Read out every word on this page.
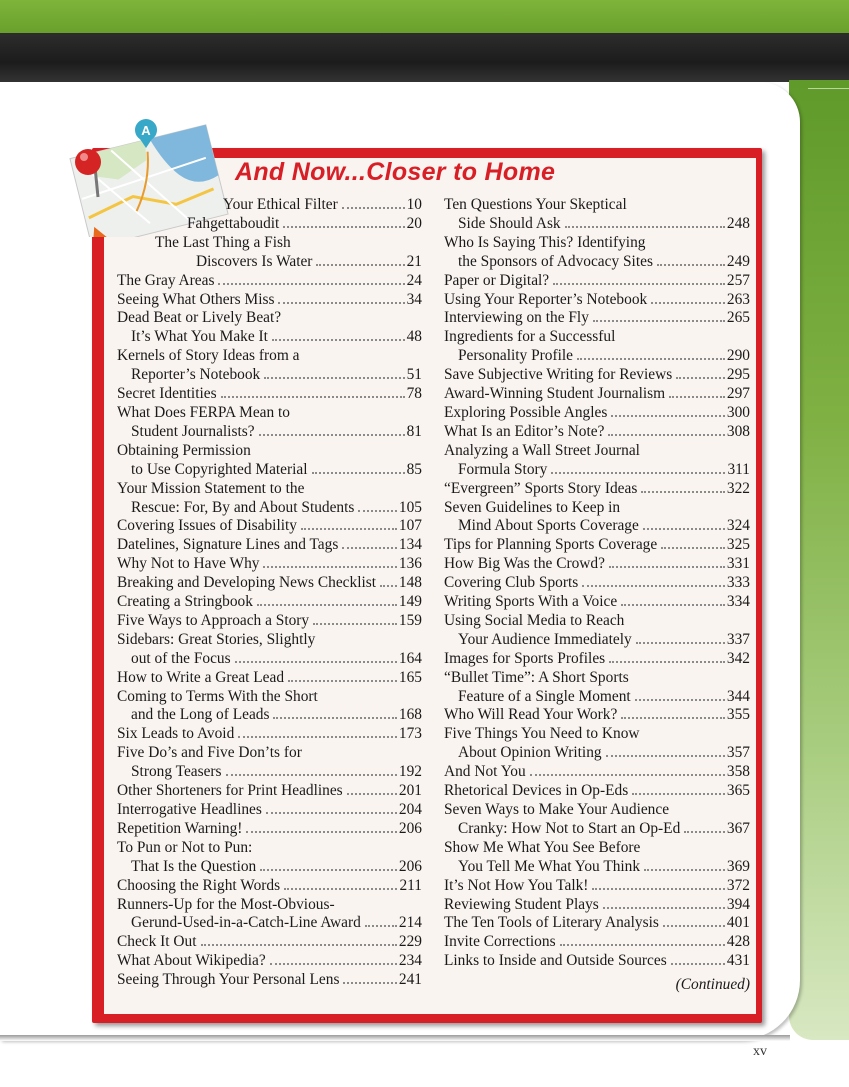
A
And Now...Closer to Home
Your Ethical Filter	10
Fahgettaboudit	20
The Last Thing a Fish
Discovers Is Water	21
The Gray Areas	24
Seeing What Others Miss	34
Dead Beat or Lively Beat?
It’s What You Make It	48
Kernels of Story Ideas from a
Reporter’s Notebook	51
Secret Identities	78
What Does FERPA Mean to
Student Journalists?	81
Obtaining Permission
to Use Copyrighted Material	85
Your Mission Statement to the
Rescue: For, By and About Students	105
Covering Issues of Disability	107
Datelines, Signature Lines and Tags	134
Why Not to Have Why	136
Breaking and Developing News Checklist 148
Creating a Stringbook	149
Five Ways to Approach a Story	159
Sidebars: Great Stories, Slightly
out of the Focus	164
How to Write a Great Lead	165
Coming to Terms With the Short
and the Long of Leads	168
Six Leads to Avoid	173
Five Do’s and Five Don’ts for
Strong Teasers	192
Other Shorteners for Print Headlines	201
Interrogative Headlines	204
Repetition Warning!	206
To Pun or Not to Pun:
That Is the Question	206
Choosing the Right Words	211
Runners-Up for the Most-Obvious-
Gerund-Used-in-a-Catch-Line Award 214
Check It Out	229
What About Wikipedia?	234
Seeing Through Your Personal Lens	241
Ten Questions Your Skeptical
Side Should Ask	248
Who Is Saying This? Identifying
the Sponsors of Advocacy Sites	249
Paper or Digital?	257
Using Your Reporter’s Notebook	263
Interviewing on the Fly	265
Ingredients for a Successful
Personality Profile	290
Save Subjective Writing for Reviews	295
Award-Winning Student Journalism	297
Exploring Possible Angles	300
What Is an Editor’s Note?	308
Analyzing a Wall Street Journal
Formula Story	311
“Evergreen” Sports Story Ideas	322
Seven Guidelines to Keep in
Mind About Sports Coverage	324
Tips for Planning Sports Coverage	325
How Big Was the Crowd?	331
Covering Club Sports	333
Writing Sports With a Voice	334
Using Social Media to Reach
Your Audience Immediately	337
Images for Sports Profiles	342
“Bullet Time”: A Short Sports
Feature of a Single Moment	344
Who Will Read Your Work?	355
Five Things You Need to Know
About Opinion Writing	357
And Not You	358
Rhetorical Devices in Op-Eds	365
Seven Ways to Make Your Audience
Cranky: How Not to Start an Op-Ed	367
Show Me What You See Before
You Tell Me What You Think	369
It’s Not How You Talk!	372
Reviewing Student Plays	394
The Ten Tools of Literary Analysis	401
Invite Corrections	428
Links to Inside and Outside Sources	431
(Continued)
xv
